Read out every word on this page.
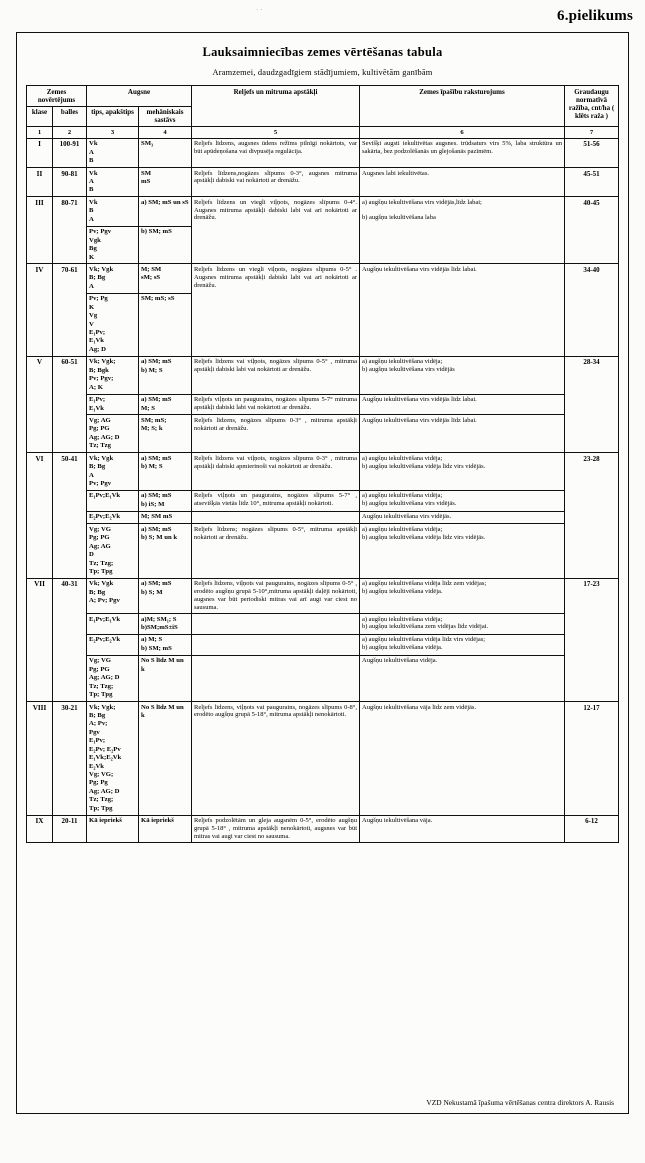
6.pielikums
· ·
Lauksaimniecības zemes vērtēšanas tabula
Aramzemei, daudzgadīgiem stādījumiem, kultivētām ganībām
Zemes novērtējums		Augsne		Reljefs un mitruma apstākļi	Zemes īpašību raksturojums	Graudaugu normatīvā ražība, cnt/ha ( klēts raža )
klase	balles	tips, apakštips	mehāniskais sastāvs			
1	2	3	4	5	6	7
I	100-91	Vk
A
B	SM₃	Reljefs līdzens, augsnes ūdens režīms pilnīgi nokārtots, var būt apūdeņošana vai divpusēja regulācija.	Sevišķi augsti iekultivētas augsnes. trūdsaturs virs 5%, laba struktūra un sakārta, bez podzolēšanās un glejošanās pazīmēm.	51-56
II	90-81	Vk
A
B	SM
mS	Reljefs līdzens,nogāzes slīpums 0-3°, augsnes mitruma apstākļi dabiski vai nokārtoti ar drenāžu.	Augsnes labi iekultivētas.	45-51
III	80-71	Vk
B
A	a) SM; mS un sS	Reljefs līdzens un viegli viļņots, nogāzes slīpums 0-4°. Augsnes mitruma apstākļi dabiski labi vai arī nokārtoti ar drenāžu.	a) augšņu iekultivēšana virs vidējās,līdz labai;

b) augšņu iekultivēšana laba	40-45
		Pv; Pgv
Vgk
Bg
K	b) SM; mS			
IV	70-61	Vk; Vgk
B; Bg
A	M; SM
sM; sS	Reljefs līdzens un viegli viļņots, nogāzes slīpums 0-5° . Augsnes mitruma apstākļi dabiski labi vai arī nokārtoti ar drenāžu.	Augšņu iekultivēšana virs vidējās līdz labai.	34-40
Pv; Pg
K
Vg
V
E₁Pv;
E₁Vk
Ag; D	SM; mS; sS
V	60-51	Vk; Vgk;
B; Bgk
Pv; Pgv;
A; K	a) SM; mS
b) M; S	Reljefs līdzens vai viļņots, nogāzes slīpums 0-5° , mitruma apstākļi dabiski labi vai nokārtoti ar drenāžu.	a) augšņu iekultivēšana vidēja;
b) augšņu iekultivēšana virs vidējās	28-34
		E₁Pv;
E₁Vk	a) SM; mS
M; S	Reljefs viļņots un paugurains, nogāzes slīpums 5-7° mitruma apstākļi dabiski labi vai nokārtoti ar drenāžu.	Augšņu iekultivēšana virs vidējās līdz labai.	
		Vg; AG
Pg; PG
Ag; AG; D
Tz; Tzg	SM; mS;
M; S; k	Reljefs līdzens, nogāzes slīpums 0-3° , mitruma apstākļi nokārtoti ar drenāžu.	Augšņu iekultivēšana virs vidējās līdz labai.	
VI	50-41	Vk; Vgk
B; Bg
A
Pv; Pgv	a) SM; mS
b) M; S	Reljefs līdzens vai viļņots, nogāzes slīpums 0-3° , mitruma apstākļi dabiski apmierinoši vai nokārtoti ar drenāžu.	a) augšņu iekultivēšana vidēja;
b) augšņu iekultivēšana vidēja līdz virs vidējās.	23-28
		E₁Pv;E₁Vk	a) SM; mS
b) iS; M	Reljefs viļņots un paugurains, nogāzes slīpums 5-7° , atsevišķās vietās līdz 10°, mitruma apstākļi nokārtoti.	a) augšņu iekultivēšana vidēja;
b) augšņu iekultivēšana virs vidējās.	
		E₂Pv;E₂Vk	M; SM mS		Augšņu iekultivēšana virs vidējās.	
Vg; VG
Pg; PG
Ag; AG
D
Tz; Tzg;
Tp; Tpg	a) SM; mS
b) S; M un k	Reljefs līdzens; nogāzes slīpums 0-5°, mitruma apstākļi nokārtoti ar drenāžu.	a) augšņu iekultivēšana vidēja;
b) augšņu iekultivēšana vidēja līdz virs vidējās.
VII	40-31	Vk; Vgk
B; Bg
A; Pv; Pgv	a) SM; mS
b) S; M	Reljefs līdzens, viļņots vai paugurains, nogāzes slīpums 0-5° , erodēto augšņu grupā 5-10°,mitruma apstākļi daļēji nokārtoti, augsnes var būt periodiski mitras vai arī augi var ciest no sausuma.	a) augšņu iekultivēšana vidēja līdz zem vidējas;
b) augšņu iekultivēšana vidēja.	17-23
		E₁Pv;E₁Vk	a)M; SM₁; S
b)SM;mS±iS		a) augšņu iekultivēšana vidēja;
b) augšņu iekultivēšana zem vidējas līdz vidējai.	
		E₂Pv;E₂Vk	a) M; S
b) SM; mS		a) augšņu iekultivēšana vidēja līdz virs vidējas;
b) augšņu iekultivēšana vidēja.	
		Vg; VG
Pg; PG
Ag; AG; D
Tz; Tzg;
Tp; Tpg	No S līdz M un k		Augšņu iekultivēšana vidēja.	
VIII	30-21	Vk; Vgk;
B; Bg
A; Pv;
Pgv
E₁Pv;
E₂Pv; E₂Pv
E₁Vk;E₂Vk
E₂Vk
Vg; VG;
Pg; Pg
Ag; AG; D
Tz; Tzg;
Tp; Tpg	No S līdz M un k	Reljefs līdzens, viļņots vai paugurains, nogāzes slīpums 0-8°, erodēto augšņu grupā 5-18°, mitruma apstākļi nenokārtoti.	Augšņu iekultivēšana vāja līdz zem vidējās.	12-17
IX	20-11	Kā iepriekš	Kā iepriekš	Reljefs podzolētām un gleja augsnēm 0-5°, erodēto augšņu grupā 5-18° , mitruma apstākļi nenokārtoti, augsnes var būt mitras vai augi var ciest no sausuma.	Augšņu iekultivēšana vāja.	6-12
VZD Nekustamā īpašuma vērtēšanas centra direktors A. Rausis
